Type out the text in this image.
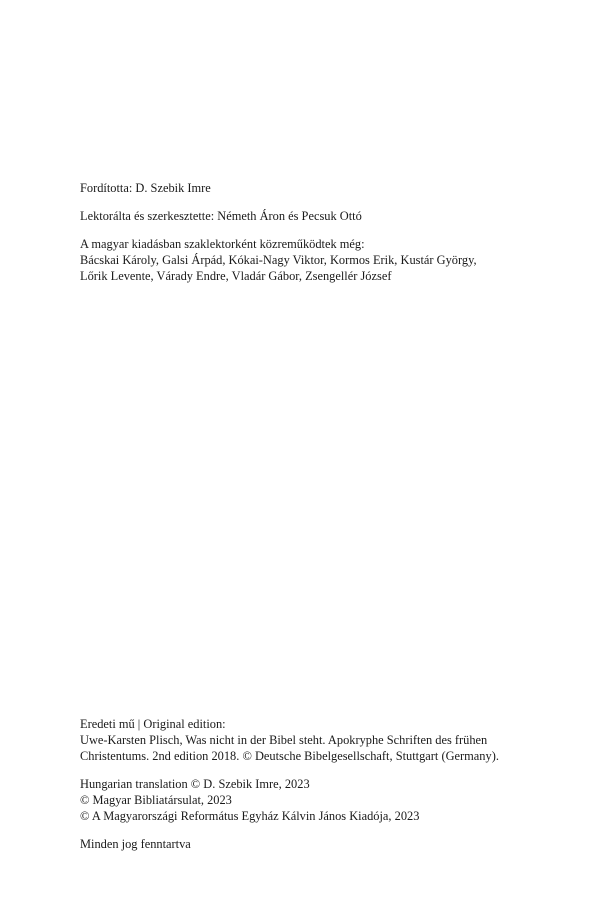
Fordította: D. Szebik Imre
Lektorálta és szerkesztette: Németh Áron és Pecsuk Ottó
A magyar kiadásban szaklektorként közreműködtek még:
Bácskai Károly, Galsi Árpád, Kókai-Nagy Viktor, Kormos Erik, Kustár György,
Lőrik Levente, Várady Endre, Vladár Gábor, Zsengellér József
Eredeti mű | Original edition:
Uwe-Karsten Plisch, Was nicht in der Bibel steht. Apokryphe Schriften des frühen
Christentums. 2nd edition 2018. © Deutsche Bibelgesellschaft, Stuttgart (Germany).
Hungarian translation © D. Szebik Imre, 2023
© Magyar Bibliatársulat, 2023
© A Magyarországi Református Egyház Kálvin János Kiadója, 2023
Minden jog fenntartva
